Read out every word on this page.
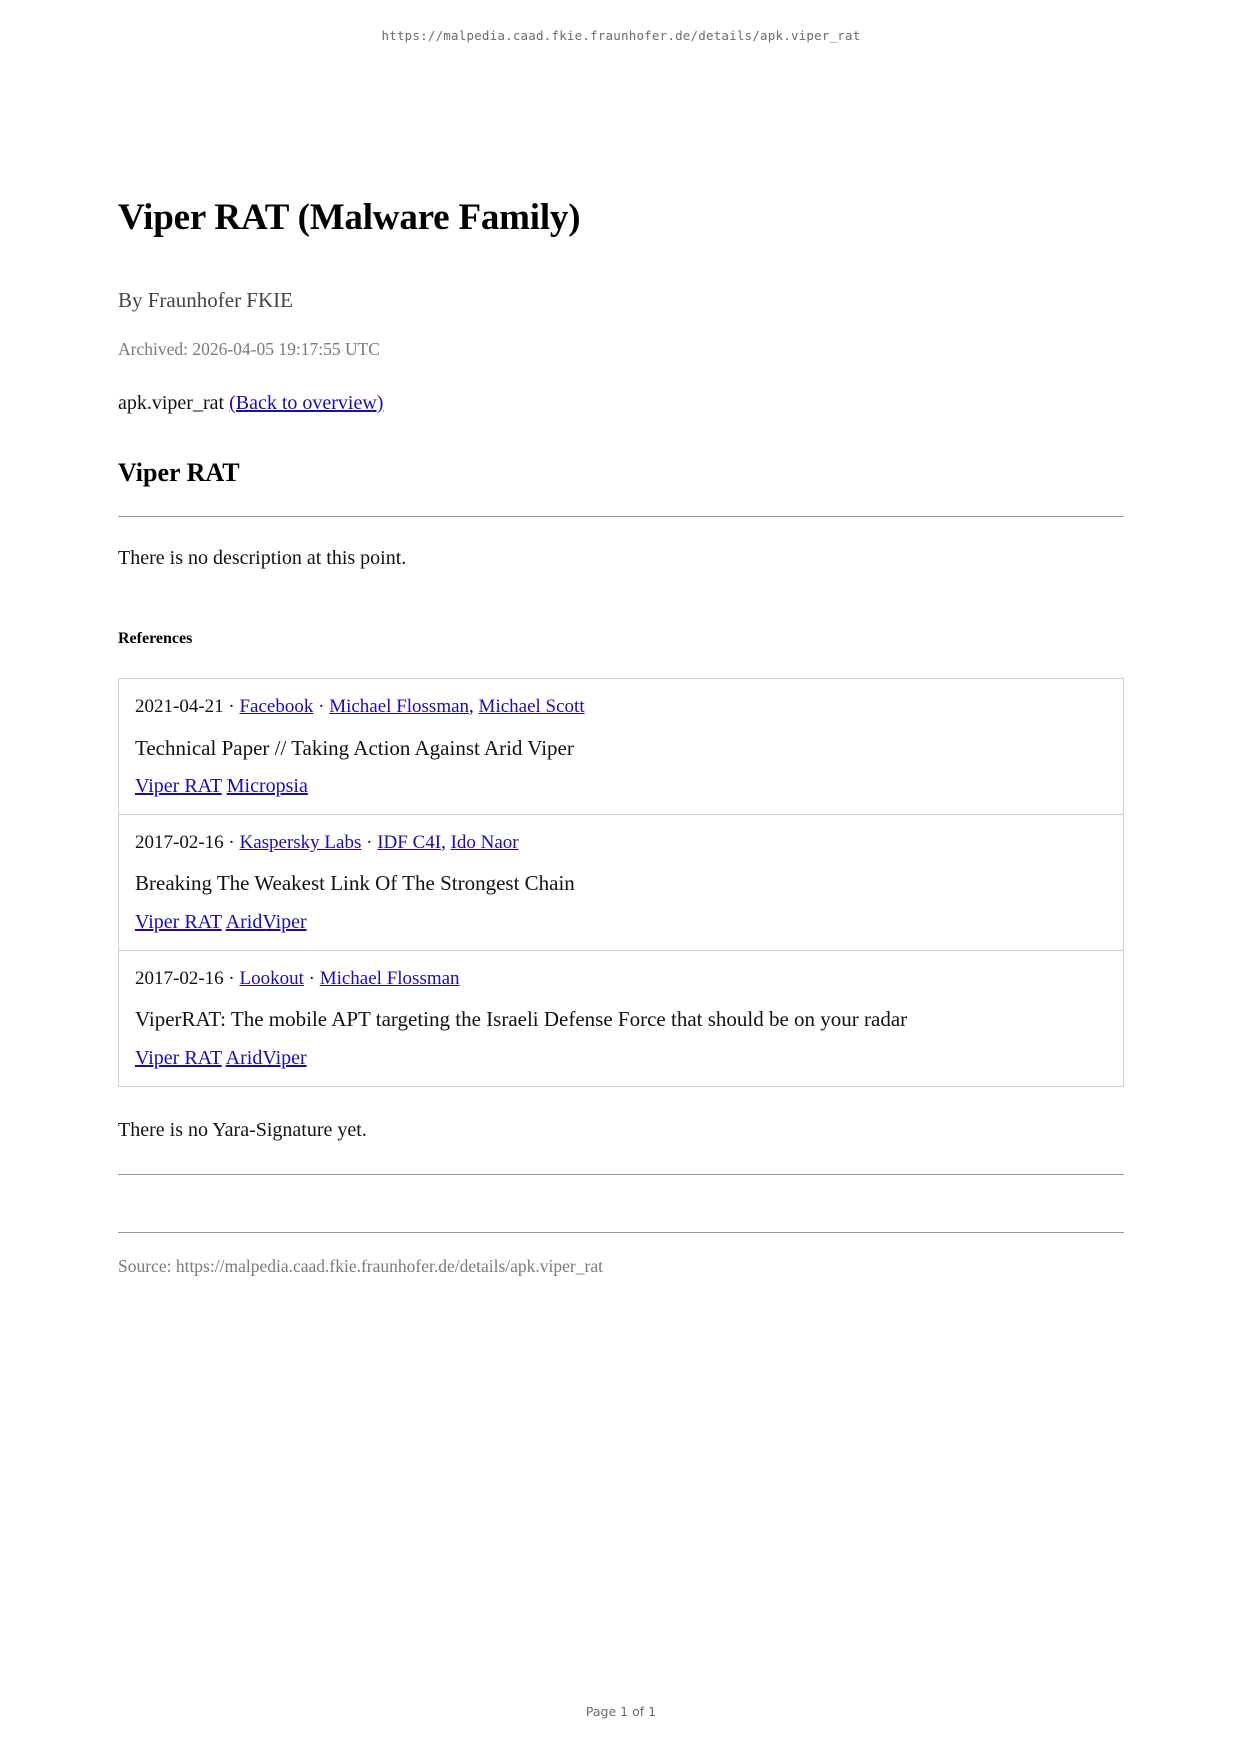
https://malpedia.caad.fkie.fraunhofer.de/details/apk.viper_rat
Viper RAT (Malware Family)
By Fraunhofer FKIE
Archived: 2026-04-05 19:17:55 UTC
apk.viper_rat (Back to overview)
Viper RAT
There is no description at this point.
References
2021-04-21 · Facebook · Michael Flossman, Michael Scott
Technical Paper // Taking Action Against Arid Viper
Viper RAT Micropsia

2017-02-16 · Kaspersky Labs · IDF C4I, Ido Naor
Breaking The Weakest Link Of The Strongest Chain
Viper RAT AridViper

2017-02-16 · Lookout · Michael Flossman
ViperRAT: The mobile APT targeting the Israeli Defense Force that should be on your radar
Viper RAT AridViper
There is no Yara-Signature yet.
Source: https://malpedia.caad.fkie.fraunhofer.de/details/apk.viper_rat
Page 1 of 1
